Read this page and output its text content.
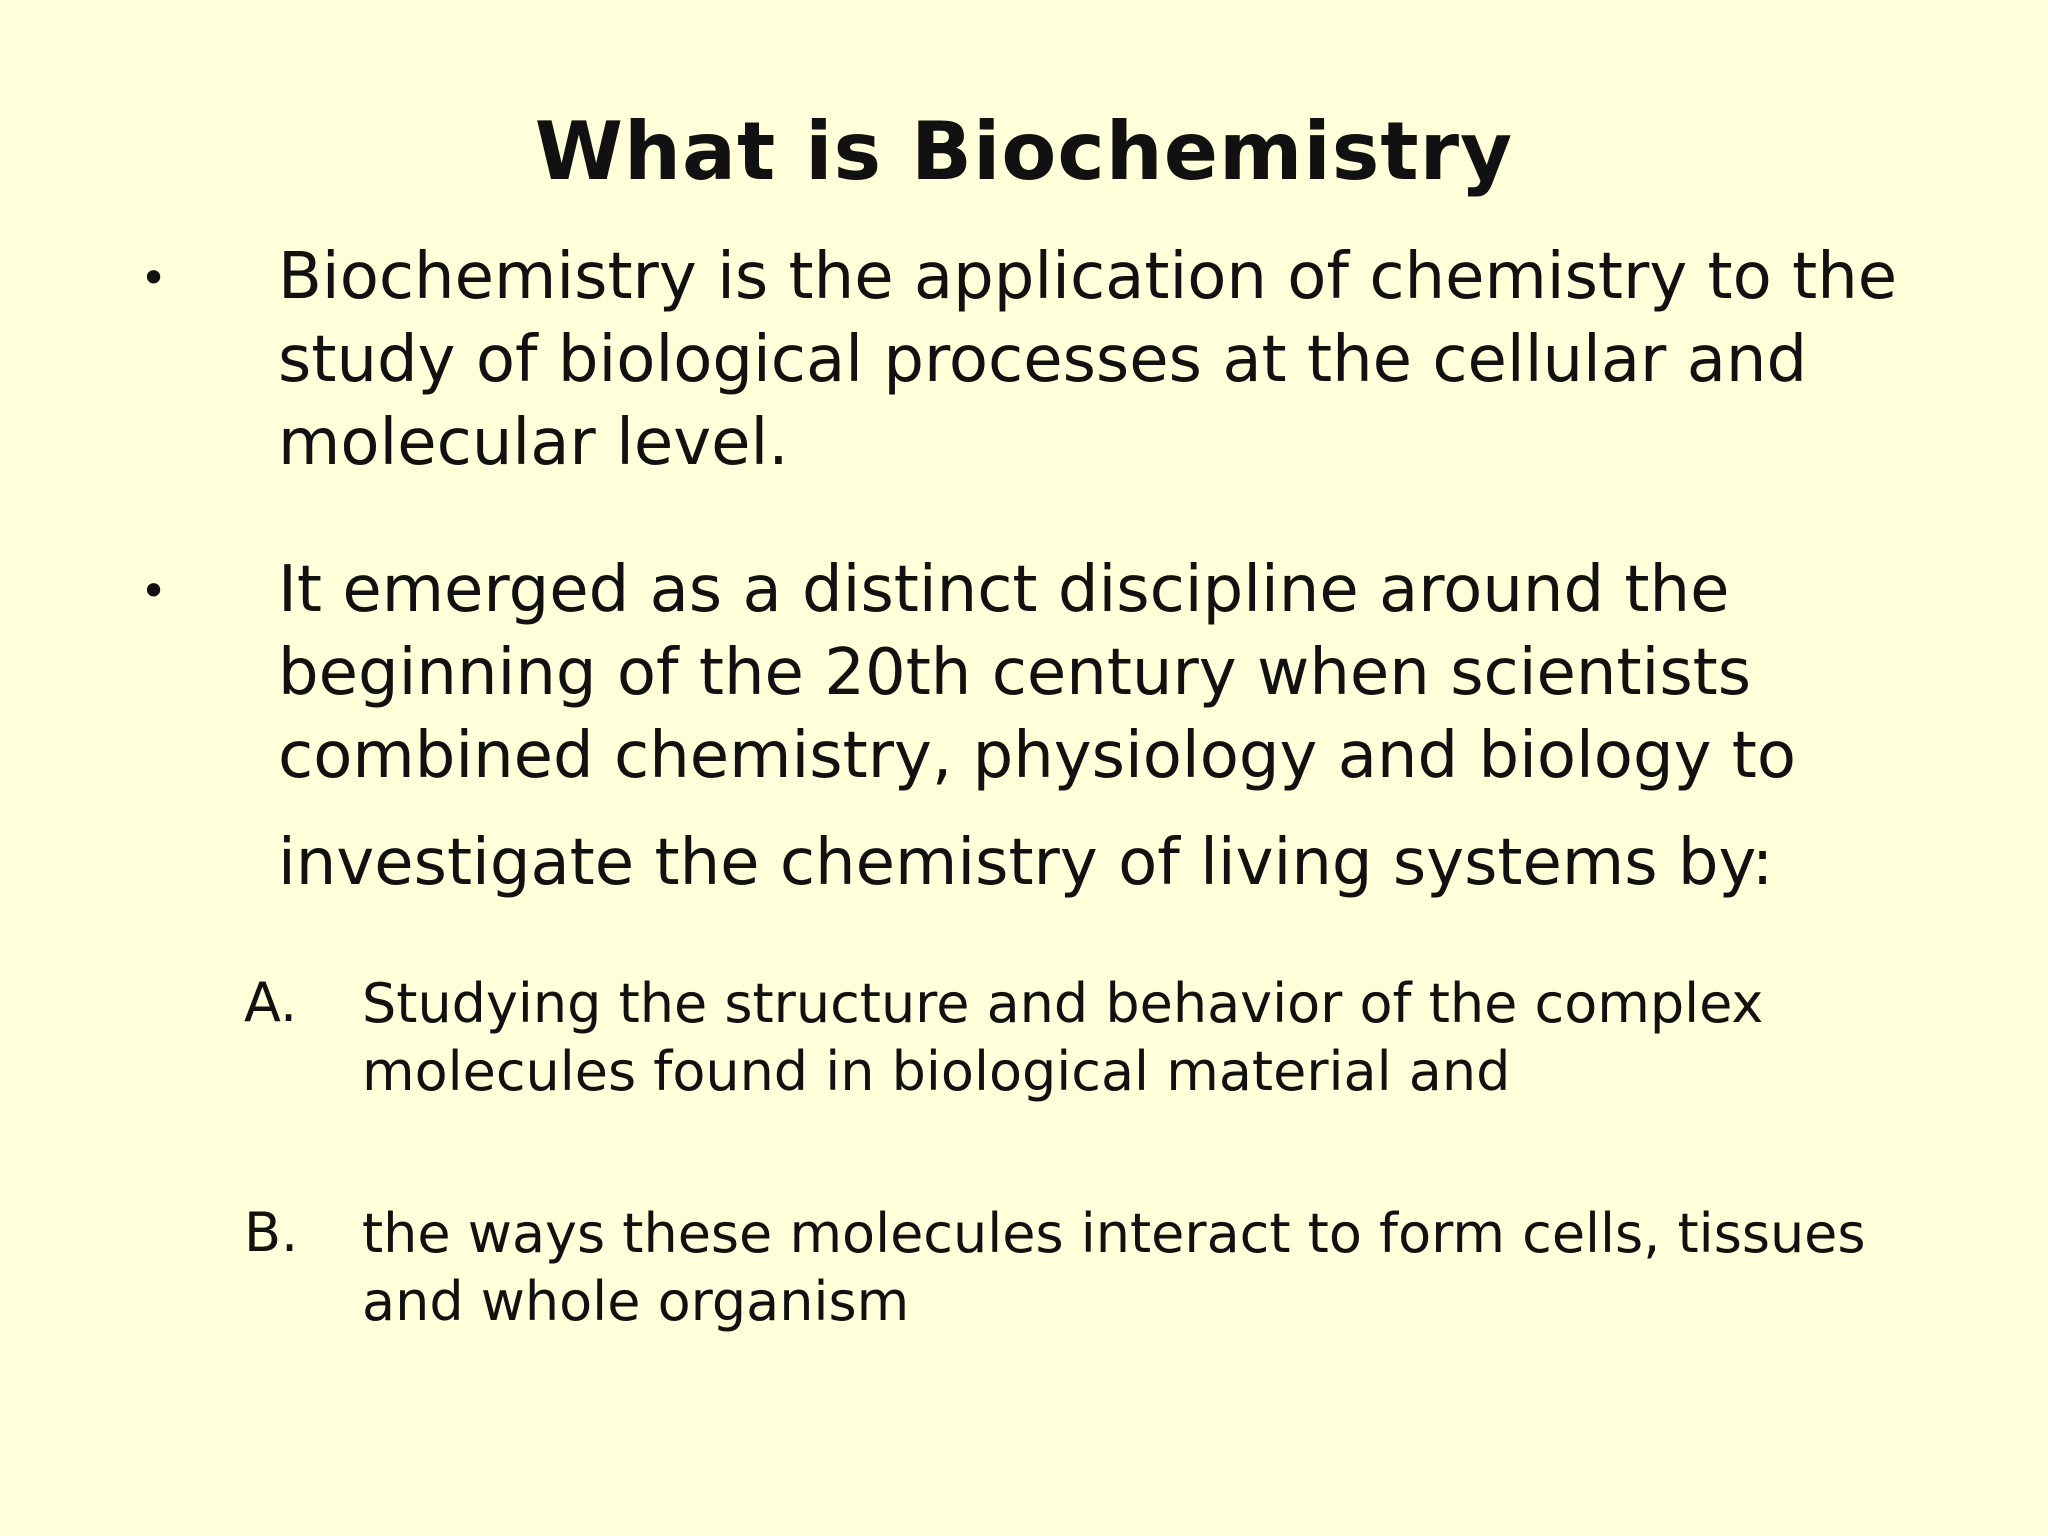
What is Biochemistry
•	Biochemistry is the application of chemistry to the study of biological processes at the cellular and molecular level.

•	It emerged as a distinct discipline around the beginning of the 20th century when scientists combined chemistry, physiology and biology to

investigate the chemistry of living systems by:

A. Studying the structure and behavior of the complex molecules found in biological material and

B. the ways these molecules interact to form cells, tissues and whole organism
